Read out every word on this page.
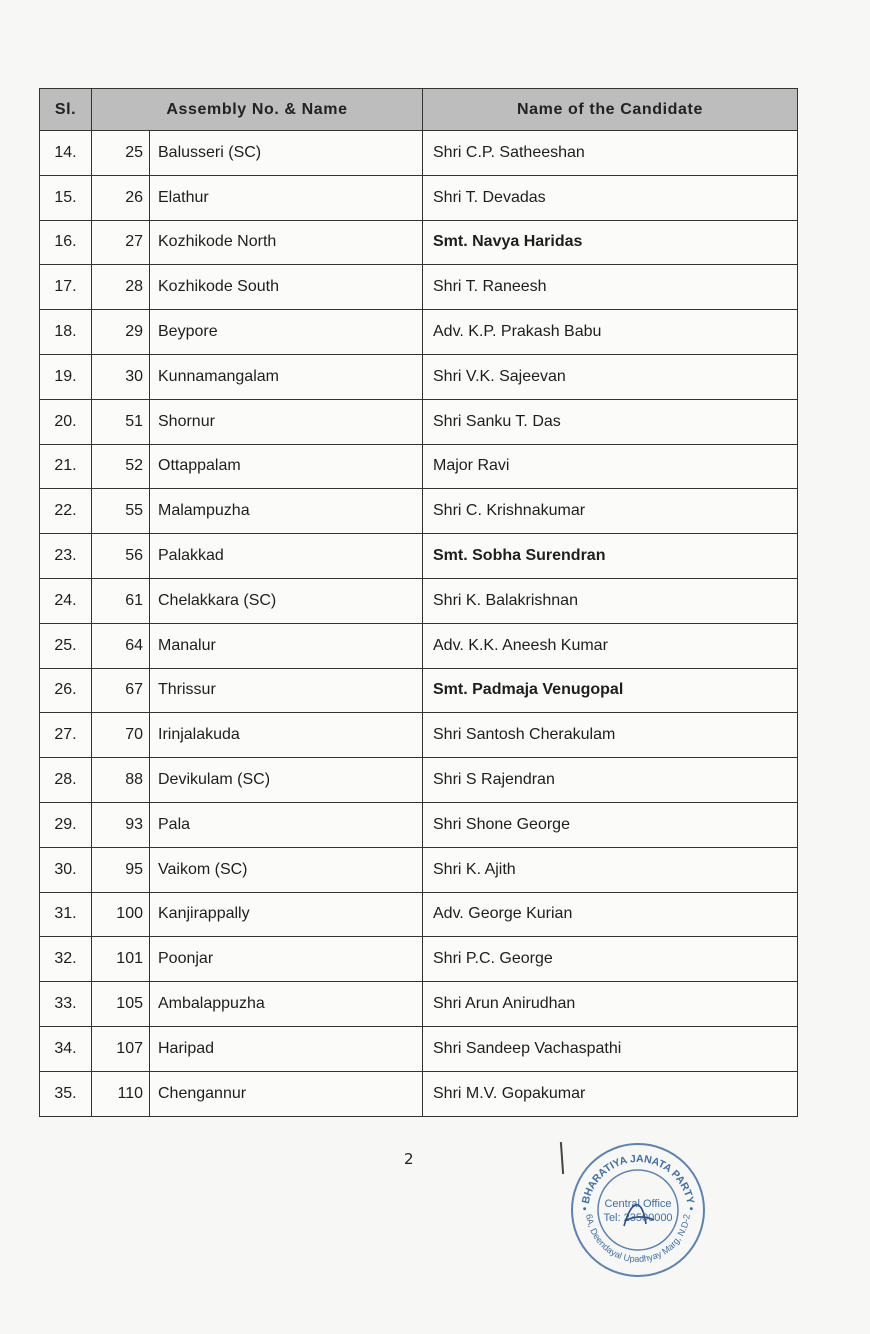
Sl.	Assembly No. & Name		Name of the Candidate
14.	25	Balusseri (SC)	Shri C.P. Satheeshan
15.	26	Elathur	Shri T. Devadas
16.	27	Kozhikode North	Smt. Navya Haridas
17.	28	Kozhikode South	Shri T. Raneesh
18.	29	Beypore	Adv. K.P. Prakash Babu
19.	30	Kunnamangalam	Shri V.K. Sajeevan
20.	51	Shornur	Shri Sanku T. Das
21.	52	Ottappalam	Major Ravi
22.	55	Malampuzha	Shri C. Krishnakumar
23.	56	Palakkad	Smt. Sobha Surendran
24.	61	Chelakkara (SC)	Shri K. Balakrishnan
25.	64	Manalur	Adv. K.K. Aneesh Kumar
26.	67	Thrissur	Smt. Padmaja Venugopal
27.	70	Irinjalakuda	Shri Santosh Cherakulam
28.	88	Devikulam (SC)	Shri S Rajendran
29.	93	Pala	Shri Shone George
30.	95	Vaikom (SC)	Shri K. Ajith
31.	100	Kanjirappally	Adv. George Kurian
32.	101	Poonjar	Shri P.C. George
33.	105	Ambalappuzha	Shri Arun Anirudhan
34.	107	Haripad	Shri Sandeep Vachaspathi
35.	110	Chengannur	Shri M.V. Gopakumar
2
• BHARATIYA JANATA PARTY •
6A, Deendayal Upadhyay Marg, N.D-2
Central Office
Tel: 23500000
